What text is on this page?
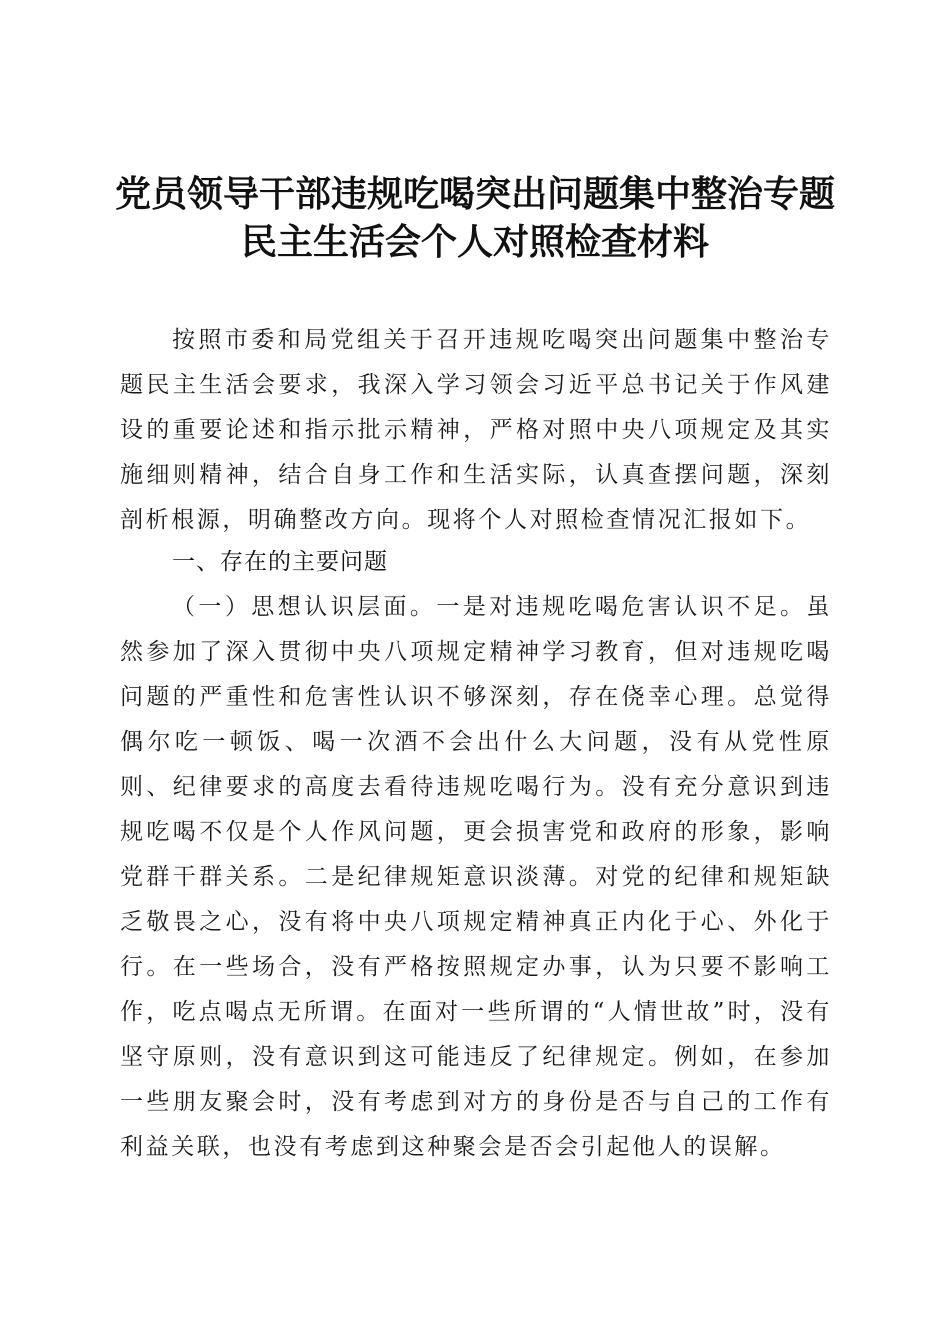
党员领导干部违规吃喝突出问题集中整治专题
民主生活会个人对照检查材料

按照市委和局党组关于召开违规吃喝突出问题集中整治专题民主生活会要求，我深入学习领会习近平总书记关于作风建设的重要论述和指示批示精神，严格对照中央八项规定及其实施细则精神，结合自身工作和生活实际，认真查摆问题，深刻剖析根源，明确整改方向。现将个人对照检查情况汇报如下。

一、存在的主要问题

（一）思想认识层面。一是对违规吃喝危害认识不足。虽然参加了深入贯彻中央八项规定精神学习教育，但对违规吃喝问题的严重性和危害性认识不够深刻，存在侥幸心理。总觉得偶尔吃一顿饭、喝一次酒不会出什么大问题，没有从党性原则、纪律要求的高度去看待违规吃喝行为。没有充分意识到违规吃喝不仅是个人作风问题，更会损害党和政府的形象，影响党群干群关系。二是纪律规矩意识淡薄。对党的纪律和规矩缺乏敬畏之心，没有将中央八项规定精神真正内化于心、外化于行。在一些场合，没有严格按照规定办事，认为只要不影响工作，吃点喝点无所谓。在面对一些所谓的“人情世故”时，没有坚守原则，没有意识到这可能违反了纪律规定。例如，在参加一些朋友聚会时，没有考虑到对方的身份是否与自己的工作有利益关联，也没有考虑到这种聚会是否会引起他人的误解。
